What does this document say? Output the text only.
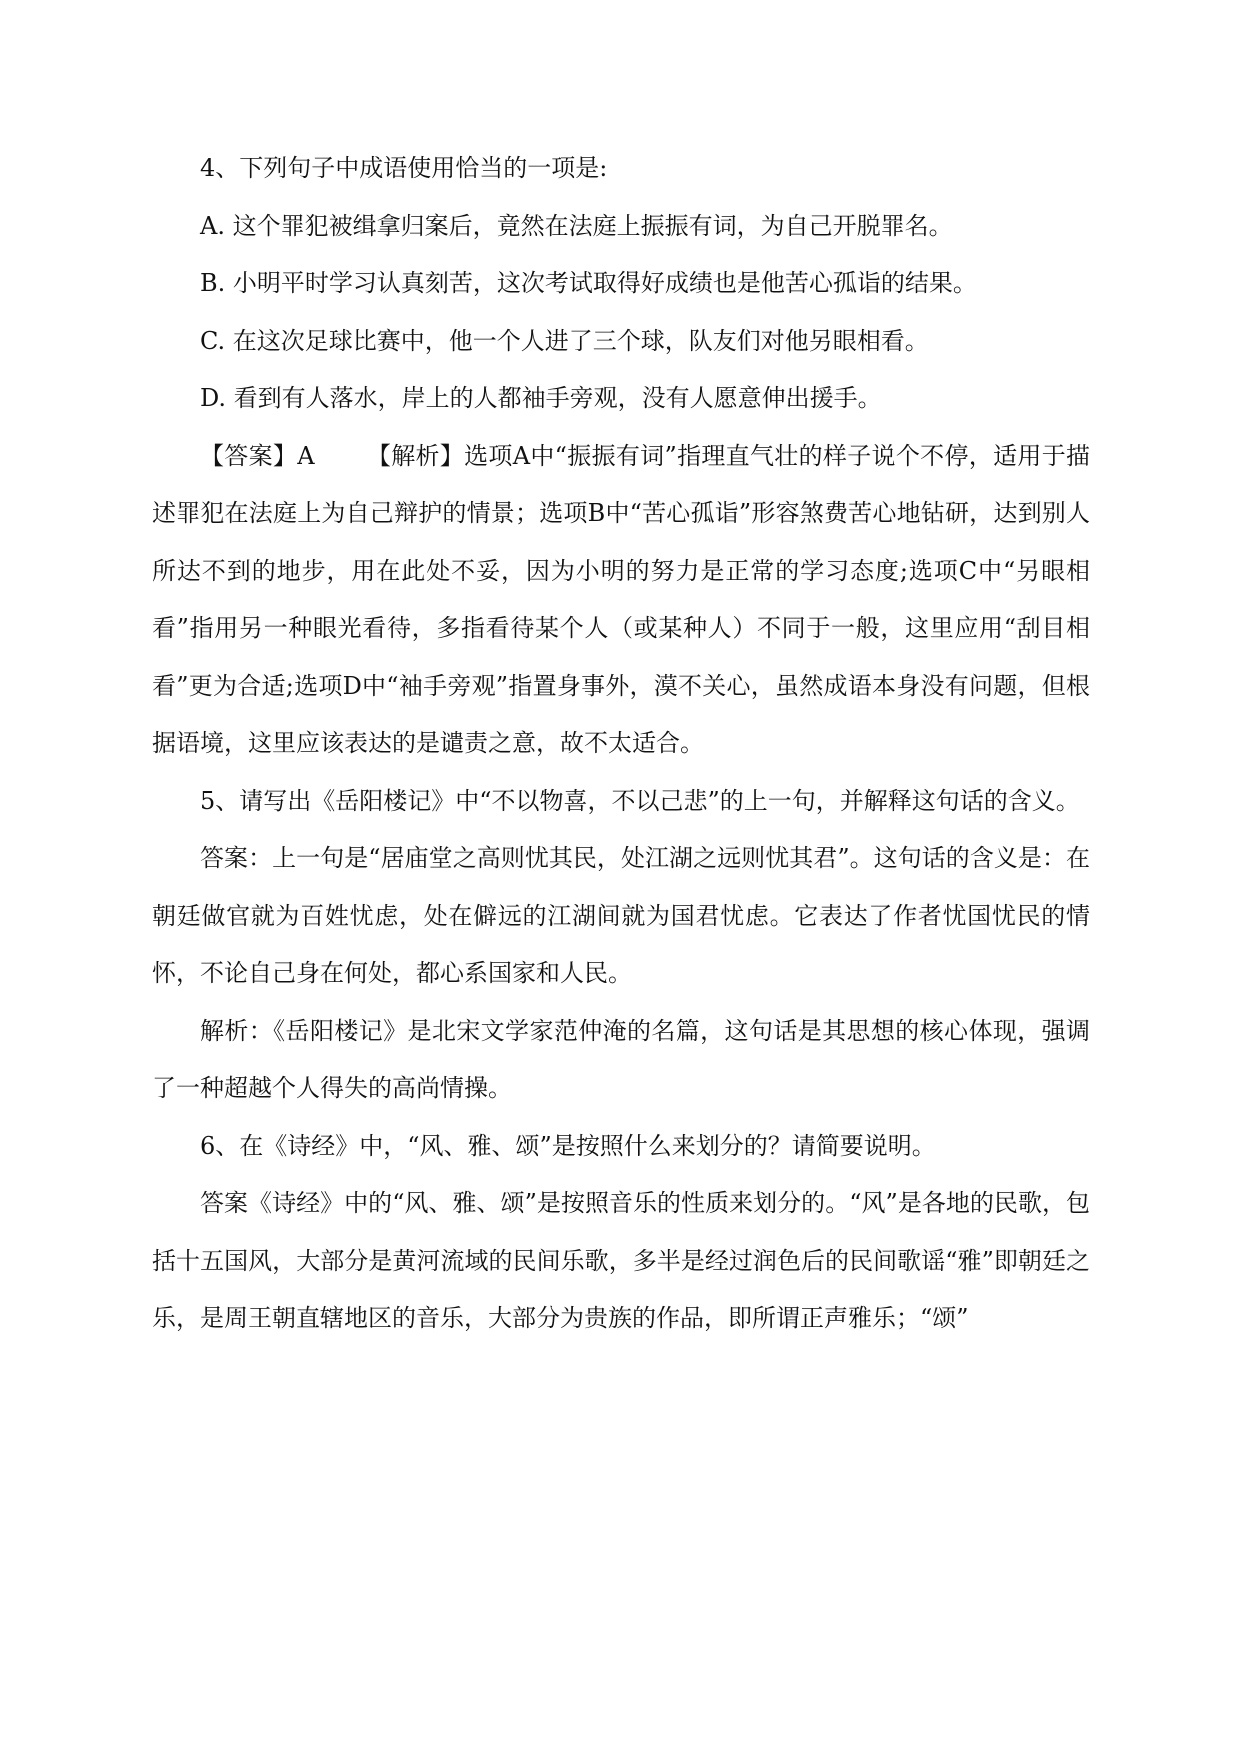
4、下列句子中成语使用恰当的一项是:

A. 这个罪犯被缉拿归案后，竟然在法庭上振振有词，为自己开脱罪名。

B. 小明平时学习认真刻苦，这次考试取得好成绩也是他苦心孤诣的结果。

C. 在这次足球比赛中，他一个人进了三个球，队友们对他另眼相看。

D. 看到有人落水，岸上的人都袖手旁观，没有人愿意伸出援手。

【答案】A 【解析】选项A中“振振有词”指理直气壮的样子说个不停，适用于描述罪犯在法庭上为自己辩护的情景；选项B中“苦心孤诣”形容煞费苦心地钻研，达到别人所达不到的地步，用在此处不妥，因为小明的努力是正常的学习态度;选项C中“另眼相看”指用另一种眼光看待，多指看待某个人（或某种人）不同于一般，这里应用“刮目相看”更为合适;选项D中“袖手旁观”指置身事外，漠不关心，虽然成语本身没有问题，但根据语境，这里应该表达的是谴责之意，故不太适合。

5、请写出《岳阳楼记》中“不以物喜，不以己悲”的上一句，并解释这句话的含义。

答案：上一句是“居庙堂之高则忧其民，处江湖之远则忧其君”。这句话的含义是：在朝廷做官就为百姓忧虑，处在僻远的江湖间就为国君忧虑。它表达了作者忧国忧民的情怀，不论自己身在何处，都心系国家和人民。

解析：《岳阳楼记》是北宋文学家范仲淹的名篇，这句话是其思想的核心体现，强调了一种超越个人得失的高尚情操。

6、在《诗经》中，“风、雅、颂”是按照什么来划分的？请简要说明。

答案《诗经》中的“风、雅、颂”是按照音乐的性质来划分的。“风”是各地的民歌，包括十五国风，大部分是黄河流域的民间乐歌，多半是经过润色后的民间歌谣“雅”即朝廷之乐，是周王朝直辖地区的音乐，大部分为贵族的作品，即所谓正声雅乐；“颂”
